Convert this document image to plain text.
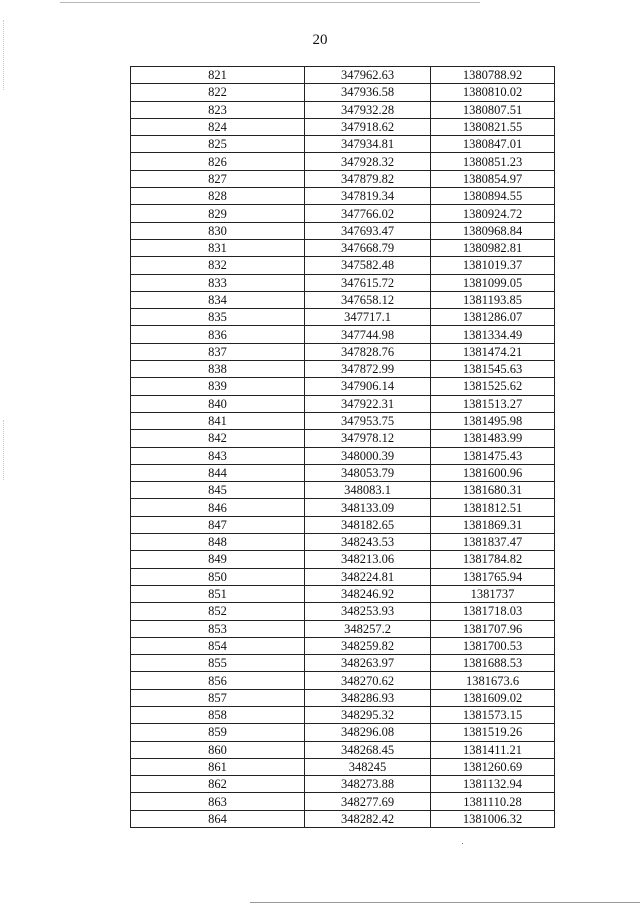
20
821	347962.63	1380788.92
822	347936.58	1380810.02
823	347932.28	1380807.51
824	347918.62	1380821.55
825	347934.81	1380847.01
826	347928.32	1380851.23
827	347879.82	1380854.97
828	347819.34	1380894.55
829	347766.02	1380924.72
830	347693.47	1380968.84
831	347668.79	1380982.81
832	347582.48	1381019.37
833	347615.72	1381099.05
834	347658.12	1381193.85
835	347717.1	1381286.07
836	347744.98	1381334.49
837	347828.76	1381474.21
838	347872.99	1381545.63
839	347906.14	1381525.62
840	347922.31	1381513.27
841	347953.75	1381495.98
842	347978.12	1381483.99
843	348000.39	1381475.43
844	348053.79	1381600.96
845	348083.1	1381680.31
846	348133.09	1381812.51
847	348182.65	1381869.31
848	348243.53	1381837.47
849	348213.06	1381784.82
850	348224.81	1381765.94
851	348246.92	1381737
852	348253.93	1381718.03
853	348257.2	1381707.96
854	348259.82	1381700.53
855	348263.97	1381688.53
856	348270.62	1381673.6
857	348286.93	1381609.02
858	348295.32	1381573.15
859	348296.08	1381519.26
860	348268.45	1381411.21
861	348245	1381260.69
862	348273.88	1381132.94
863	348277.69	1381110.28
864	348282.42	1381006.32
